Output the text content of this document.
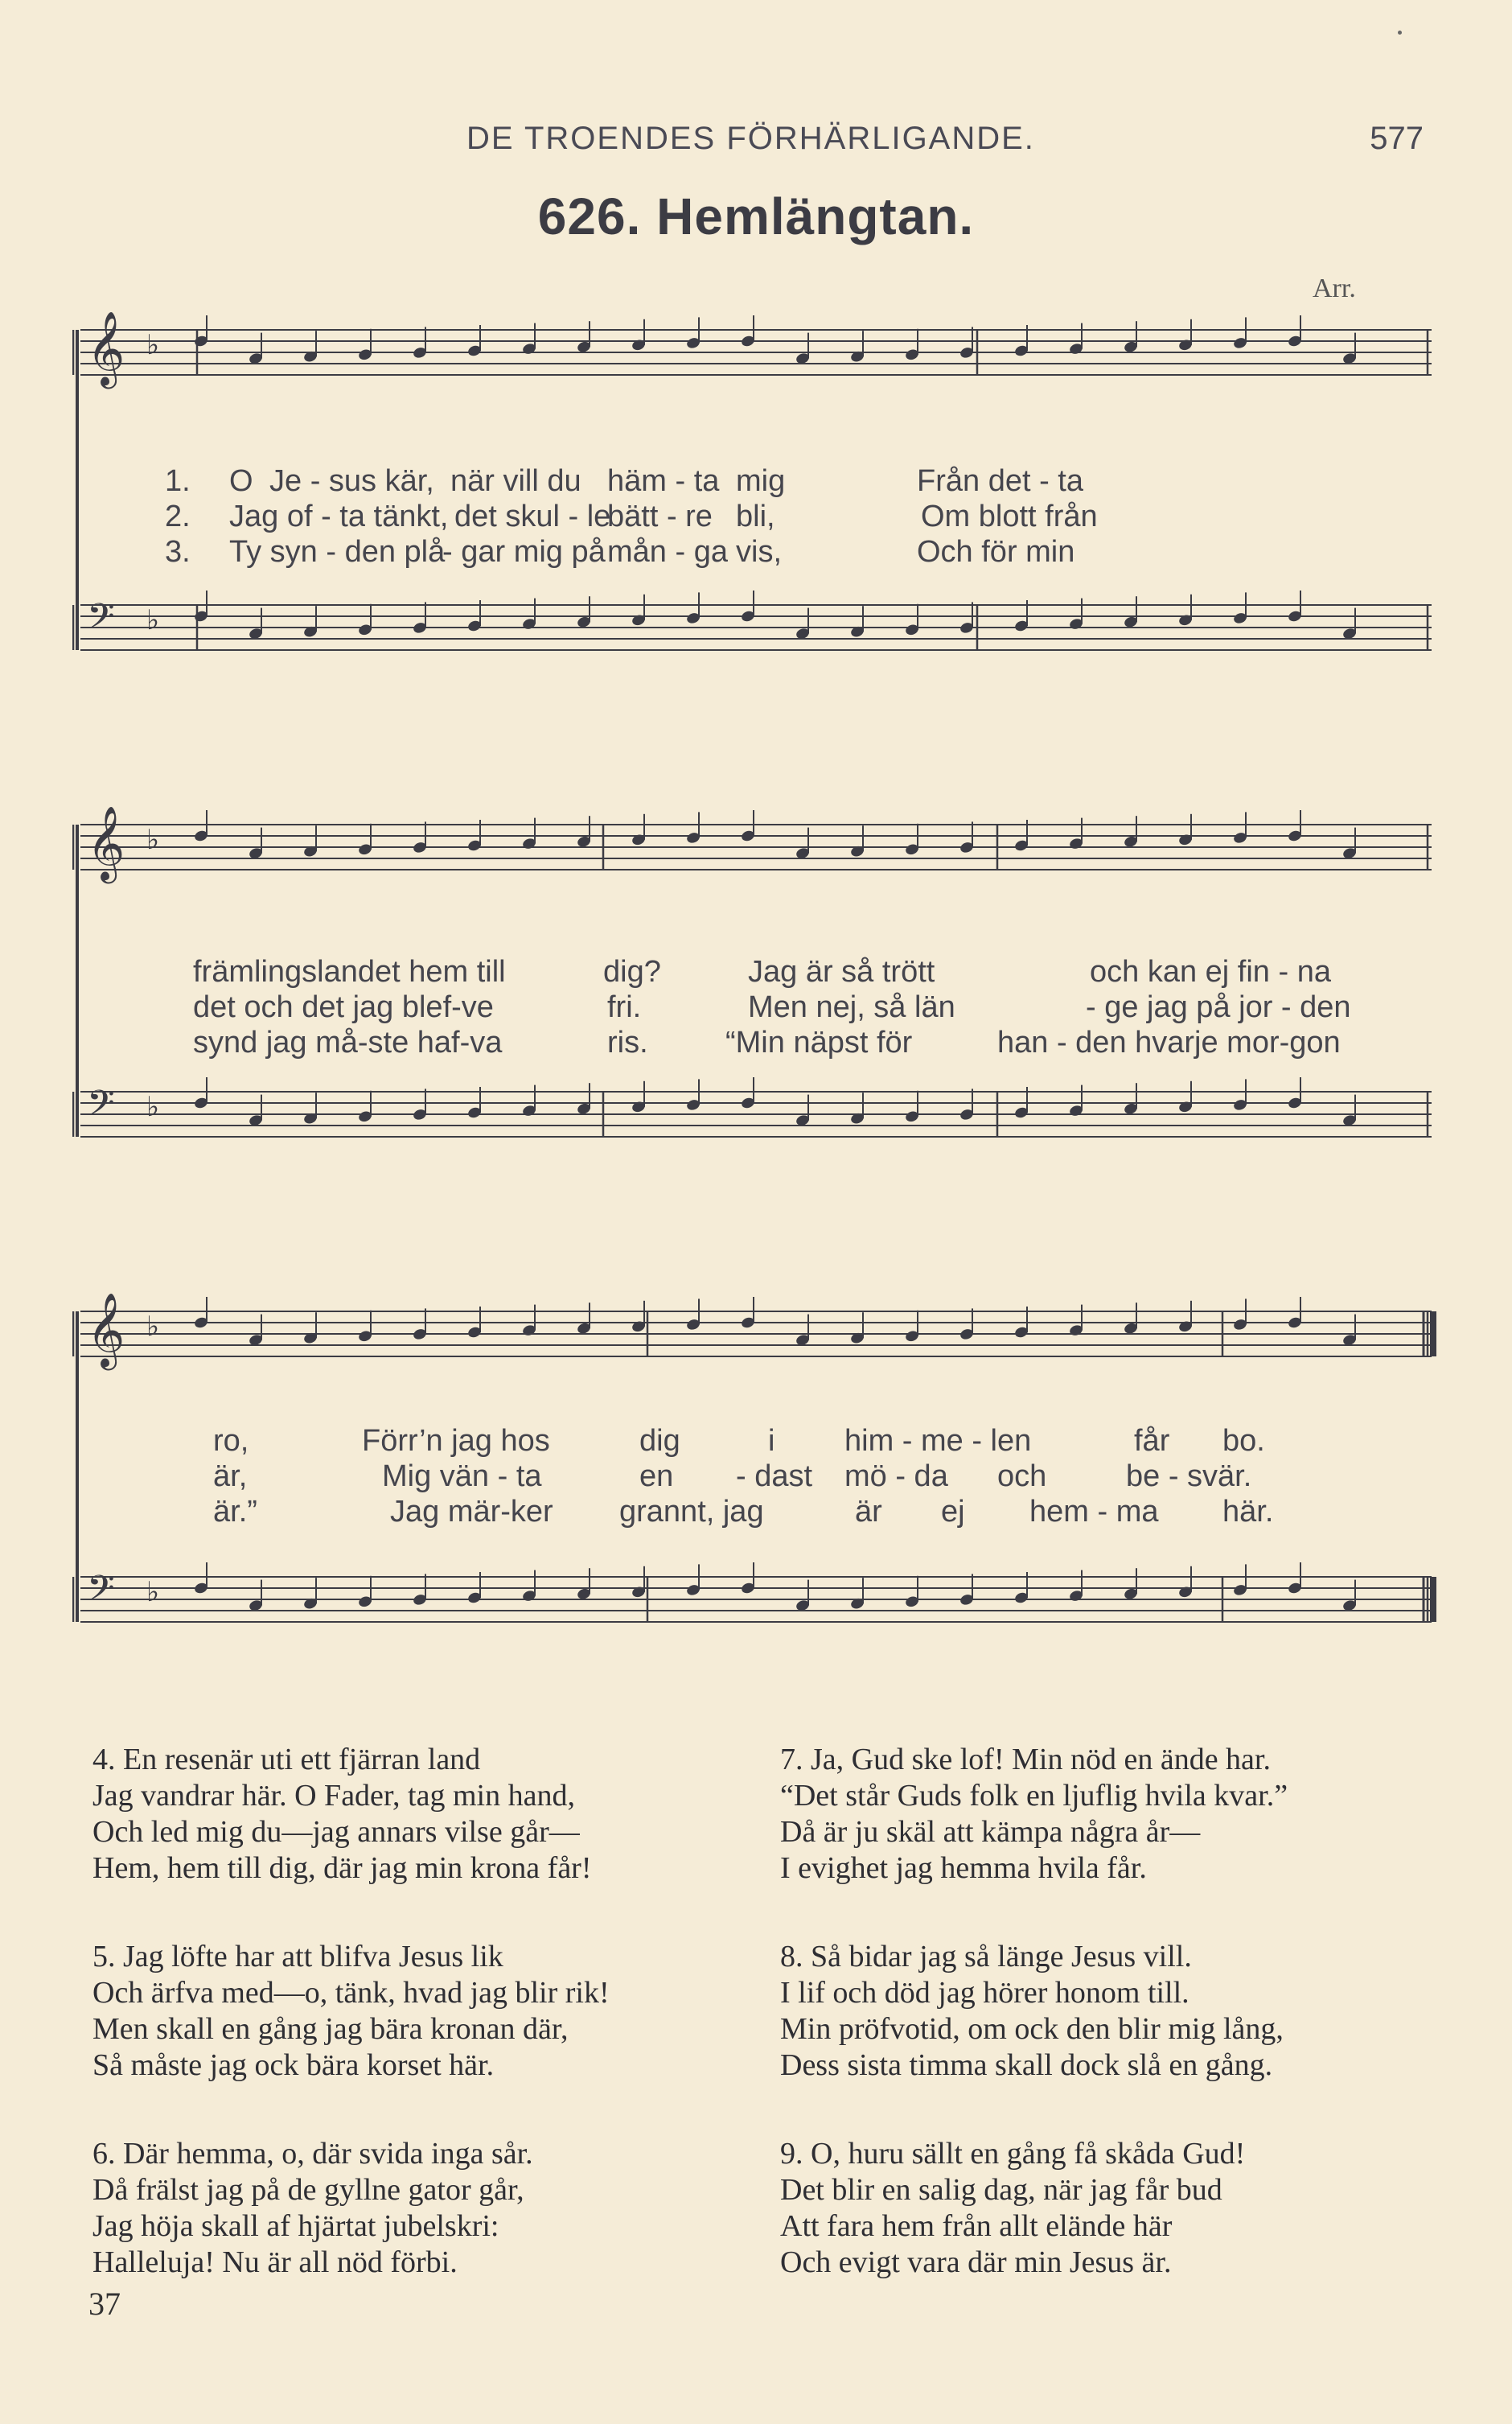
DE TROENDES FÖRHÄRLIGANDE.	577
626. Hemlängtan.
Arr.
𝄞 ♭
𝄢 ♭
1. O Je - sus kär, när vill du häm - ta mig	Från det - ta
2. Jag of - ta tänkt, det skul - le
bätt - re bli,	Om blott från
3. Ty syn - den plå
- gar mig på mån - ga vis,	Och för min
𝄞 ♭
𝄢 ♭
främlingslandet hem till	dig?	Jag är så trött	och kan ej fin - na
det och det jag blef-ve	fri.	Men nej, så län	- ge jag på jor - den
synd jag må-ste haf-va	ris.	“Min näpst för	han - den hvarje mor-gon
𝄞 ♭
𝄢 ♭
ro,	Förr’n jag hos	dig	i him - me - len	får bo.
är,	Mig vän - ta	en - dast mö - da och	be - svär.
är.”	Jag mär-ker grannt, jag	är ej hem - ma här.
4. En resenär uti ett fjärran land
Jag vandrar här. O Fader, tag min hand,
Och led mig du—jag annars vilse går—
Hem, hem till dig, där jag min krona får!
7. Ja, Gud ske lof! Min nöd en ände har.
“Det står Guds folk en ljuflig hvila kvar.”
Då är ju skäl att kämpa några år—
I evighet jag hemma hvila får.
5. Jag löfte har att blifva Jesus lik
Och ärfva med—o, tänk, hvad jag blir rik!
Men skall en gång jag bära kronan där,
Så måste jag ock bära korset här.
8. Så bidar jag så länge Jesus vill.
I lif och död jag hörer honom till.
Min pröfvotid, om ock den blir mig lång,
Dess sista timma skall dock slå en gång.
6. Där hemma, o, där svida inga sår.
Då frälst jag på de gyllne gator går,
Jag höja skall af hjärtat jubelskri:
Halleluja! Nu är all nöd förbi.
9. O, huru sällt en gång få skåda Gud!
Det blir en salig dag, när jag får bud
Att fara hem från allt elände här
Och evigt vara där min Jesus är.
37
